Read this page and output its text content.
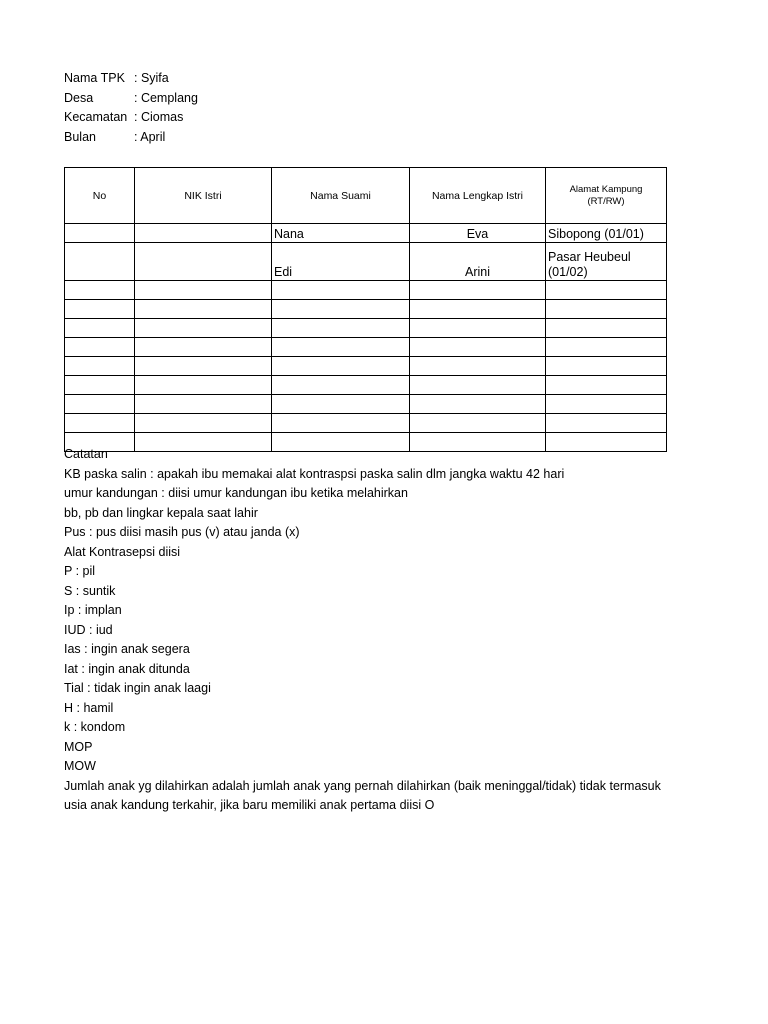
Nama TPK : Syifa
Desa	: Cemplang
Kecamatan : Ciomas
Bulan	: April
No	NIK Istri	Nama Suami	Nama Lengkap Istri	Alamat Kampung
(RT/RW)

		Nana	Eva	Sibopong (01/01)
		Edi	Arini	Pasar Heubeul (01/02)

Catatan
KB paska salin : apakah ibu memakai alat kontraspsi paska salin dlm jangka waktu 42 hari
umur kandungan : diisi umur kandungan ibu ketika melahirkan
bb, pb dan lingkar kepala saat lahir
Pus : pus diisi masih pus (v) atau janda (x)
Alat Kontrasepsi diisi
P : pil
S : suntik
Ip : implan
IUD : iud
Ias : ingin anak segera
Iat : ingin anak ditunda
Tial : tidak ingin anak laagi
H : hamil
k : kondom
MOP
MOW
Jumlah anak yg dilahirkan adalah jumlah anak yang pernah dilahirkan (baik meninggal/tidak) tidak termasuk
usia anak kandung terkahir, jika baru memiliki anak pertama diisi O
